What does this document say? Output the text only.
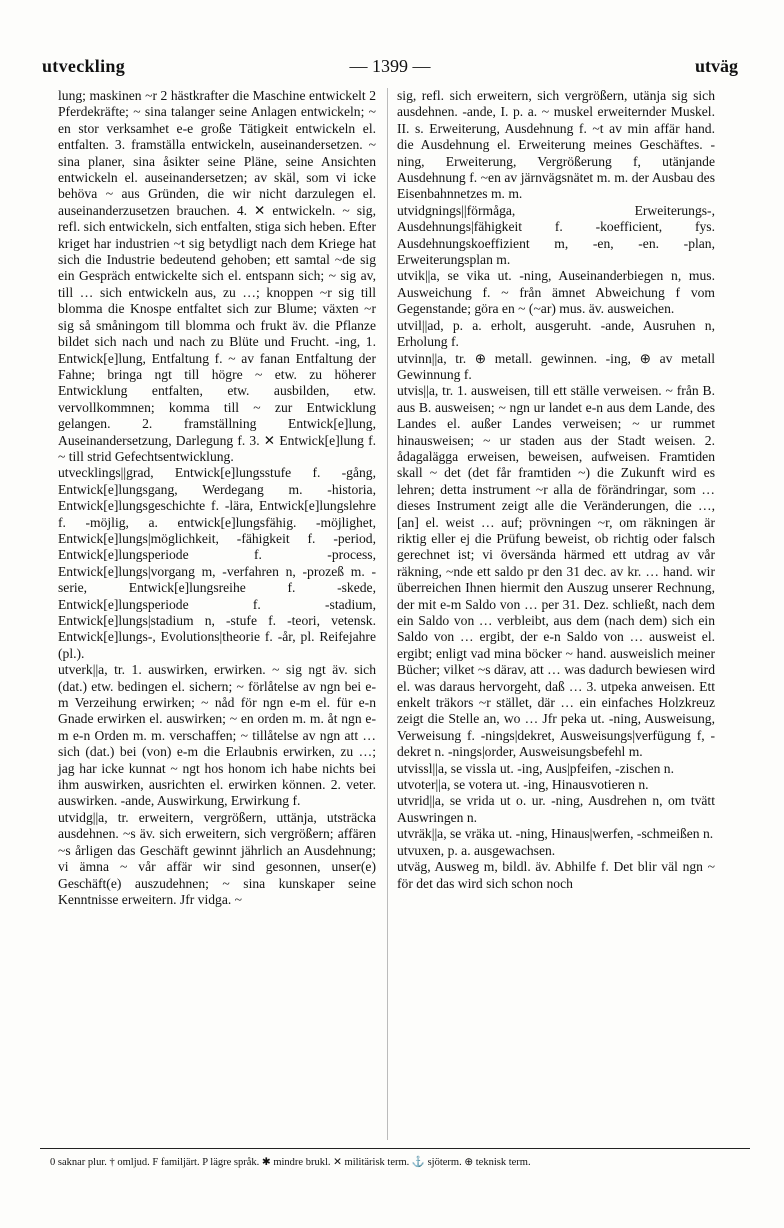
utveckling	— 1399 —	utväg

lung; maskinen ~r 2 hästkrafter die Maschine entwickelt 2 Pferdekräfte; ~ sina talanger seine Anlagen entwickeln; ~ en stor verksamhet e-e große Tätigkeit entwickeln el. entfalten. 3. framställa entwickeln, auseinandersetzen. ~ sina planer, sina åsikter seine Pläne, seine Ansichten entwickeln el. auseinandersetzen; av skäl, som vi icke behöva ~ aus Gründen, die wir nicht darzulegen el. auseinanderzusetzen brauchen. 4. ✕ entwickeln. ~ sig, refl. sich entwickeln, sich entfalten, stiga sich heben. Efter kriget har industrien ~t sig betydligt nach dem Kriege hat sich die Industrie bedeutend gehoben; ett samtal ~de sig ein Gespräch entwickelte sich el. entspann sich; ~ sig av, till … sich entwickeln aus, zu …; knoppen ~r sig till blomma die Knospe entfaltet sich zur Blume; växten ~r sig så småningom till blomma och frukt äv. die Pflanze bildet sich nach und nach zu Blüte und Frucht. -ing, 1. Entwick[e]lung, Entfaltung f. ~ av fanan Entfaltung der Fahne; bringa ngt till högre ~ etw. zu höherer Entwicklung entfalten, etw. ausbilden, etw. vervollkommnen; komma till ~ zur Entwicklung gelangen. 2. framställning Entwick[e]lung, Auseinandersetzung, Darlegung f. 3. ✕ Entwick[e]lung f. ~ till strid Gefechtsentwicklung.

utvecklings||grad, Entwick[e]lungsstufe f. -gång, Entwick[e]lungsgang, Werdegang m. -historia, Entwick[e]lungsgeschichte f. -lära, Entwick[e]lungslehre f. -möjlig, a. entwick[e]lungsfähig. -möjlighet, Entwick[e]lungs|möglichkeit, -fähigkeit f. -period, Entwick[e]lungsperiode f. -process, Entwick[e]lungs|vorgang m, -verfahren n, -prozeß m. -serie, Entwick[e]lungsreihe f. -skede, Entwick[e]lungsperiode f. -stadium, Entwick[e]lungs|stadium n, -stufe f. -teori, vetensk. Entwick[e]lungs-, Evolutions|theorie f. -år, pl. Reifejahre (pl.).

utverk||a, tr. 1. auswirken, erwirken. ~ sig ngt äv. sich (dat.) etw. bedingen el. sichern; ~ förlåtelse av ngn bei e-m Verzeihung erwirken; ~ nåd för ngn e-m el. für e-n Gnade erwirken el. auswirken; ~ en orden m. m. åt ngn e-m e-n Orden m. m. verschaffen; ~ tillåtelse av ngn att … sich (dat.) bei (von) e-m die Erlaubnis erwirken, zu …; jag har icke kunnat ~ ngt hos honom ich habe nichts bei ihm auswirken, ausrichten el. erwirken können. 2. veter. auswirken. -ande, Auswirkung, Erwirkung f.

utvidg||a, tr. erweitern, vergrößern, uttänja, utsträcka ausdehnen. ~s äv. sich erweitern, sich vergrößern; affären ~s årligen das Geschäft gewinnt jährlich an Ausdehnung; vi ämna ~ vår affär wir sind gesonnen, unser(e) Geschäft(e) auszudehnen; ~ sina kunskaper seine Kenntnisse erweitern. Jfr vidga. ~

sig, refl. sich erweitern, sich vergrößern, utänja sig sich ausdehnen. -ande, I. p. a. ~ muskel erweiternder Muskel. II. s. Erweiterung, Ausdehnung f. ~t av min affär hand. die Ausdehnung el. Erweiterung meines Geschäftes. -ning, Erweiterung, Vergrößerung f, utänjande Ausdehnung f. ~en av järnvägsnätet m. m. der Ausbau des Eisenbahnnetzes m. m.

utvidgnings||förmåga, Erweiterungs-, Ausdehnungs|fähigkeit f. -koefficient, fys. Ausdehnungskoeffizient m, -en, -en. -plan, Erweiterungsplan m.

utvik||a, se vika ut. -ning, Auseinanderbiegen n, mus. Ausweichung f. ~ från ämnet Abweichung f vom Gegenstande; göra en ~ (~ar) mus. äv. ausweichen.

utvil||ad, p. a. erholt, ausgeruht. -ande, Ausruhen n, Erholung f.

utvinn||a, tr. ⊕ metall. gewinnen. -ing, ⊕ av metall Gewinnung f.

utvis||a, tr. 1. ausweisen, till ett ställe verweisen. ~ från B. aus B. ausweisen; ~ ngn ur landet e-n aus dem Lande, des Landes el. außer Landes verweisen; ~ ur rummet hinausweisen; ~ ur staden aus der Stadt weisen. 2. ådagalägga erweisen, beweisen, aufweisen. Framtiden skall ~ det (det får framtiden ~) die Zukunft wird es lehren; detta instrument ~r alla de förändringar, som … dieses Instrument zeigt alle die Veränderungen, die …, [an] el. weist … auf; prövningen ~r, om räkningen är riktig eller ej die Prüfung beweist, ob richtig oder falsch gerechnet ist; vi översända härmed ett utdrag av vår räkning, ~nde ett saldo pr den 31 dec. av kr. … hand. wir überreichen Ihnen hiermit den Auszug unserer Rechnung, der mit e-m Saldo von … per 31. Dez. schließt, nach dem ein Saldo von … verbleibt, aus dem (nach dem) sich ein Saldo von … ergibt, der e-n Saldo von … ausweist el. ergibt; enligt vad mina böcker ~ hand. ausweislich meiner Bücher; vilket ~s därav, att … was dadurch bewiesen wird el. was daraus hervorgeht, daß … 3. utpeka anweisen. Ett enkelt träkors ~r stället, där … ein einfaches Holzkreuz zeigt die Stelle an, wo … Jfr peka ut. -ning, Ausweisung, Verweisung f. -nings|dekret, Ausweisungs|verfügung f, -dekret n. -nings|order, Ausweisungsbefehl m.

utvissl||a, se vissla ut. -ing, Aus|pfeifen, -zischen n.

utvoter||a, se votera ut. -ing, Hinausvotieren n.

utvrid||a, se vrida ut o. ur. -ning, Ausdrehen n, om tvätt Auswringen n.

utvräk||a, se vräka ut. -ning, Hinaus|werfen, -schmeißen n.

utvuxen, p. a. ausgewachsen.

utväg, Ausweg m, bildl. äv. Abhilfe f. Det blir väl ngn ~ för det das wird sich schon noch

0 saknar plur. † omljud. F familjärt. P lägre språk. ✱ mindre brukl. ✕ militärisk term. ⚓ sjöterm. ⊕ teknisk term.
